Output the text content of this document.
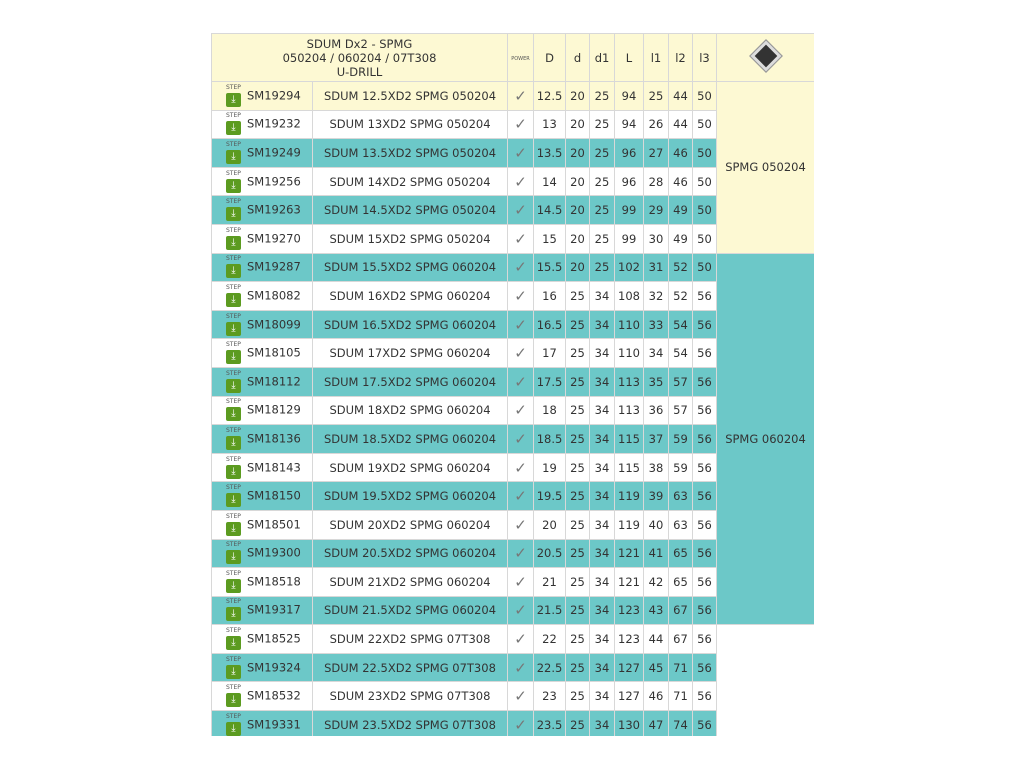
SDUM Dx2 - SPMG
050204 / 060204 / 07T308
U-DRILL		POWER	D	d	d1	L	l1	l2	l3	

STEP
⤓ SM19294	SDUM 12.5XD2 SPMG 050204	✓	12.5	20	25	94	25	44	50	SPMG 050204

STEP
⤓ SM19232	SDUM 13XD2 SPMG 050204	✓	13	20	25	94	26	44	50	

STEP
⤓ SM19249	SDUM 13.5XD2 SPMG 050204	✓	13.5	20	25	96	27	46	50	

STEP
⤓ SM19256	SDUM 14XD2 SPMG 050204	✓	14	20	25	96	28	46	50	

STEP
⤓ SM19263	SDUM 14.5XD2 SPMG 050204	✓	14.5	20	25	99	29	49	50	

STEP
⤓ SM19270	SDUM 15XD2 SPMG 050204	✓	15	20	25	99	30	49	50	

STEP
⤓ SM19287	SDUM 15.5XD2 SPMG 060204	✓	15.5	20	25	102	31	52	50	SPMG 060204

STEP
⤓ SM18082	SDUM 16XD2 SPMG 060204	✓	16	25	34	108	32	52	56	

STEP
⤓ SM18099	SDUM 16.5XD2 SPMG 060204	✓	16.5	25	34	110	33	54	56	

STEP
⤓ SM18105	SDUM 17XD2 SPMG 060204	✓	17	25	34	110	34	54	56	

STEP
⤓ SM18112	SDUM 17.5XD2 SPMG 060204	✓	17.5	25	34	113	35	57	56	

STEP
⤓ SM18129	SDUM 18XD2 SPMG 060204	✓	18	25	34	113	36	57	56	

STEP
⤓ SM18136	SDUM 18.5XD2 SPMG 060204	✓	18.5	25	34	115	37	59	56	

STEP
⤓ SM18143	SDUM 19XD2 SPMG 060204	✓	19	25	34	115	38	59	56	

STEP
⤓ SM18150	SDUM 19.5XD2 SPMG 060204	✓	19.5	25	34	119	39	63	56	

STEP
⤓ SM18501	SDUM 20XD2 SPMG 060204	✓	20	25	34	119	40	63	56	

STEP
⤓ SM19300	SDUM 20.5XD2 SPMG 060204	✓	20.5	25	34	121	41	65	56	

STEP
⤓ SM18518	SDUM 21XD2 SPMG 060204	✓	21	25	34	121	42	65	56	

STEP
⤓ SM19317	SDUM 21.5XD2 SPMG 060204	✓	21.5	25	34	123	43	67	56	

STEP
⤓ SM18525	SDUM 22XD2 SPMG 07T308	✓	22	25	34	123	44	67	56	

STEP
⤓ SM19324	SDUM 22.5XD2 SPMG 07T308	✓	22.5	25	34	127	45	71	56	

STEP
⤓ SM18532	SDUM 23XD2 SPMG 07T308	✓	23	25	34	127	46	71	56	

STEP
⤓ SM19331	SDUM 23.5XD2 SPMG 07T308	✓	23.5	25	34	130	47	74	56	
